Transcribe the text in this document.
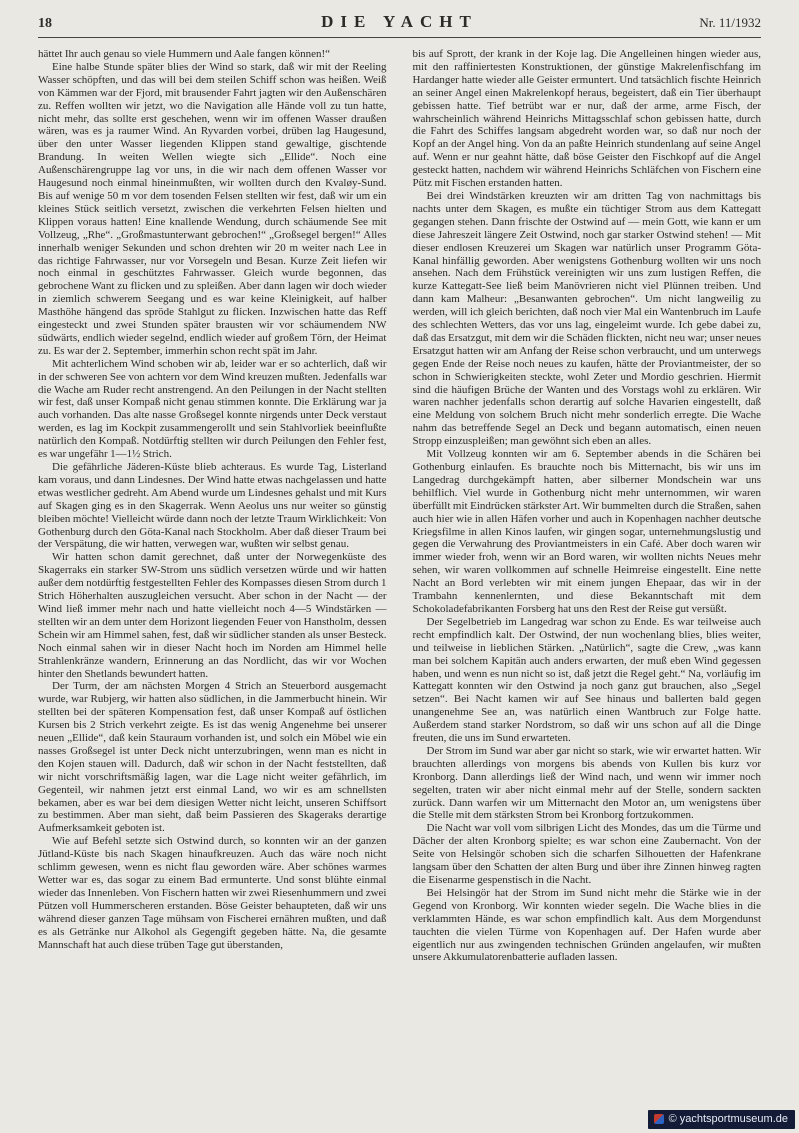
18	DIE YACHT	Nr. 11/1932

hättet Ihr auch genau so viele Hummern und Aale fangen können!“

Eine halbe Stunde später blies der Wind so stark, daß wir mit der Reeling Wasser schöpften, und das will bei dem steilen Schiff schon was heißen. Weiß von Kämmen war der Fjord, mit brausender Fahrt jagten wir den Außenschären zu. Reffen wollten wir jetzt, wo die Navigation alle Hände voll zu tun hatte, nicht mehr, das sollte erst geschehen, wenn wir im offenen Wasser draußen wären, was es ja raumer Wind. An Ryvarden vorbei, drüben lag Haugesund, über den unter Wasser liegenden Klippen stand gewaltige, gischtende Brandung. In weiten Wellen wiegte sich „Ellide“. Noch eine Außenschärengruppe lag vor uns, in die wir nach dem offenen Wasser vor Haugesund noch einmal hineinmußten, wir wollten durch den Kvaløy-Sund. Bis auf wenige 50 m vor dem tosenden Felsen stellten wir fest, daß wir um ein kleines Stück seitlich versetzt, zwischen die verkehrten Felsen hielten und Klippen voraus hatten! Eine knallende Wendung, durch schäumende See mit Vollzeug, „Rhe“. „Großmastunterwant gebrochen!“ „Großsegel bergen!“ Alles innerhalb weniger Sekunden und schon drehten wir 20 m weiter nach Lee in das richtige Fahrwasser, nur vor Vorsegeln und Besan. Kurze Zeit liefen wir noch einmal in geschütztes Fahrwasser. Gleich wurde begonnen, das gebrochene Want zu flicken und zu spleißen. Aber dann lagen wir doch wieder in ziemlich schwerem Seegang und es war keine Kleinigkeit, auf halber Masthöhe hängend das spröde Stahlgut zu flicken. Inzwischen hatte das Reff eingesteckt und zwei Stunden später brausten wir vor schäumendem NW südwärts, endlich wieder segelnd, endlich wieder auf großem Törn, der Heimat zu. Es war der 2. September, immerhin schon recht spät im Jahr.

Mit achterlichem Wind schoben wir ab, leider war er so achterlich, daß wir in der schweren See von achtern vor dem Wind kreuzen mußten. Jedenfalls war die Wache am Ruder recht anstrengend. An den Peilungen in der Nacht stellten wir fest, daß unser Kompaß nicht genau stimmen konnte. Die Erklärung war ja auch vorhanden. Das alte nasse Großsegel konnte nirgends unter Deck verstaut werden, es lag im Kockpit zusammengerollt und sein Stahlvorliek beeinflußte natürlich den Kompaß. Notdürftig stellten wir durch Peilungen den Fehler fest, es war ungefähr 1—1½ Strich.

Die gefährliche Jäderen-Küste blieb achteraus. Es wurde Tag, Listerland kam voraus, und dann Lindesnes. Der Wind hatte etwas nachgelassen und hatte etwas westlicher gedreht. Am Abend wurde um Lindesnes gehalst und mit Kurs auf Skagen ging es in den Skagerrak. Wenn Aeolus uns nur weiter so günstig bleiben möchte! Vielleicht würde dann noch der letzte Traum Wirklichkeit: Von Gothenburg durch den Göta-Kanal nach Stockholm. Aber daß dieser Traum bei der Verspätung, die wir hatten, verwegen war, wußten wir selbst genau.

Wir hatten schon damit gerechnet, daß unter der Norwegenküste des Skagerraks ein starker SW-Strom uns südlich versetzen würde und wir hatten außer dem notdürftig festgestellten Fehler des Kompasses diesen Strom durch 1 Strich Höherhalten auszugleichen versucht. Aber schon in der Nacht — der Wind ließ immer mehr nach und hatte vielleicht noch 4—5 Windstärken — stellten wir an dem unter dem Horizont liegenden Feuer von Hanstholm, dessen Schein wir am Himmel sahen, fest, daß wir südlicher standen als unser Besteck. Noch einmal sahen wir in dieser Nacht hoch im Norden am Himmel helle Strahlenkränze wandern, Erinnerung an das Nordlicht, das wir vor Wochen hinter den Shetlands bewundert hatten.

Der Turm, der am nächsten Morgen 4 Strich an Steuerbord ausgemacht wurde, war Rubjerg, wir hatten also südlichen, in die Jammerbucht hinein. Wir stellten bei der späteren Kompensation fest, daß unser Kompaß auf östlichen Kursen bis 2 Strich verkehrt zeigte. Es ist das wenig Angenehme bei unserer neuen „Ellide“, daß kein Stauraum vorhanden ist, und solch ein Möbel wie ein nasses Großsegel ist unter Deck nicht unterzubringen, wenn man es nicht in den Kojen stauen will. Dadurch, daß wir schon in der Nacht feststellten, daß wir nicht vorschriftsmäßig lagen, war die Lage nicht weiter gefährlich, im Gegenteil, wir nahmen jetzt erst einmal Land, wo wir es am schnellsten bekamen, aber es war bei dem diesigen Wetter nicht leicht, unseren Schiffsort zu bestimmen. Aber man sieht, daß beim Passieren des Skageraks derartige Aufmerksamkeit geboten ist.

Wie auf Befehl setzte sich Ostwind durch, so konnten wir an der ganzen Jütland-Küste bis nach Skagen hinaufkreuzen. Auch das wäre noch nicht schlimm gewesen, wenn es nicht flau geworden wäre. Aber schönes warmes Wetter war es, das sogar zu einem Bad ermunterte. Und sonst blühte einmal wieder das Innenleben. Von Fischern hatten wir zwei Riesenhummern und zwei Pützen voll Hummerscheren erstanden. Böse Geister behaupteten, daß wir uns während dieser ganzen Tage mühsam von Fischerei ernähren mußten, und daß es als Getränke nur Alkohol als Gegengift gegeben hätte. Na, die gesamte Mannschaft hat auch diese trüben Tage gut überstanden,

bis auf Sprott, der krank in der Koje lag. Die Angelleinen hingen wieder aus, mit den raffiniertesten Konstruktionen, der günstige Makrelenfischfang im Hardanger hatte wieder alle Geister ermuntert. Und tatsächlich fischte Heinrich an seiner Angel einen Makrelenkopf heraus, begeistert, daß ein Tier überhaupt gebissen hatte. Tief betrübt war er nur, daß der arme, arme Fisch, der wahrscheinlich während Heinrichs Mittagsschlaf schon gebissen hatte, durch die Fahrt des Schiffes langsam abgedreht worden war, so daß nur noch der Kopf an der Angel hing. Von da an paßte Heinrich stundenlang auf seine Angel auf. Wenn er nur geahnt hätte, daß böse Geister den Fischkopf auf die Angel gesteckt hatten, nachdem wir während Heinrichs Schläfchen von Fischern eine Pütz mit Fischen erstanden hatten.

Bei drei Windstärken kreuzten wir am dritten Tag von nachmittags bis nachts unter dem Skagen, es mußte ein tüchtiger Strom aus dem Kattegatt gegangen stehen. Dann frischte der Ostwind auf — mein Gott, wie kann er um diese Jahreszeit längere Zeit Ostwind, noch gar starker Ostwind stehen! — Mit dieser endlosen Kreuzerei um Skagen war natürlich unser Programm Göta-Kanal hinfällig geworden. Aber wenigstens Gothenburg wollten wir uns noch ansehen. Nach dem Frühstück vereinigten wir uns zum lustigen Reffen, die kurze Kattegatt-See ließ beim Manövrieren nicht viel Plünnen treiben. Und dann kam Malheur: „Besanwanten gebrochen“. Um nicht langweilig zu werden, will ich gleich berichten, daß noch vier Mal ein Wantenbruch im Laufe des schlechten Wetters, das vor uns lag, eingeleimt wurde. Ich gebe dabei zu, daß das Ersatzgut, mit dem wir die Schäden flickten, nicht neu war; unser neues Ersatzgut hatten wir am Anfang der Reise schon verbraucht, und um unterwegs gegen Ende der Reise noch neues zu kaufen, hätte der Proviantmeister, der so schon in Schwierigkeiten steckte, wohl Zeter und Mordio geschrien. Hiermit sind die häufigen Brüche der Wanten und des Vorstags wohl zu erklären. Wir waren nachher jedenfalls schon derartig auf solche Havarien eingestellt, daß eine Meldung von solchem Bruch nicht mehr sonderlich erregte. Die Wache nahm das betreffende Segel an Deck und begann automatisch, einen neuen Stropp einzuspleißen; man gewöhnt sich eben an alles.

Mit Vollzeug konnten wir am 6. September abends in die Schären bei Gothenburg einlaufen. Es brauchte noch bis Mitternacht, bis wir uns im Langedrag durchgekämpft hatten, aber silberner Mondschein war uns behilflich. Viel wurde in Gothenburg nicht mehr unternommen, wir waren überfüllt mit Eindrücken stärkster Art. Wir bummelten durch die Straßen, sahen auch hier wie in allen Häfen vorher und auch in Kopenhagen nachher deutsche Kriegsfilme in allen Kinos laufen, wir gingen sogar, unternehmungslustig und gegen die Verwahrung des Proviantmeisters in ein Café. Aber doch waren wir immer wieder froh, wenn wir an Bord waren, wir wollten nichts Neues mehr sehen, wir waren vollkommen auf schnelle Heimreise eingestellt. Eine nette Nacht an Bord verlebten wir mit einem jungen Ehepaar, das wir in der Trambahn kennenlernten, und diese Bekanntschaft mit dem Schokoladefabrikanten Forsberg hat uns den Rest der Reise gut versüßt.

Der Segelbetrieb im Langedrag war schon zu Ende. Es war teilweise auch recht empfindlich kalt. Der Ostwind, der nun wochenlang blies, blies weiter, und teilweise in lieblichen Stärken. „Natürlich“, sagte die Crew, „was kann man bei solchem Kapitän auch anders erwarten, der muß eben Wind gegessen haben, und wenn es nun nicht so ist, daß jetzt die Regel geht.“ Na, vorläufig im Kattegatt konnten wir den Ostwind ja noch ganz gut brauchen, also „Segel setzen“. Bei Nacht kamen wir auf See hinaus und ballerten bald gegen unangenehme See an, was natürlich einen Wantbruch zur Folge hatte. Außerdem stand starker Nordstrom, so daß wir uns schon auf all die Dinge freuten, die uns im Sund erwarteten.

Der Strom im Sund war aber gar nicht so stark, wie wir erwartet hatten. Wir brauchten allerdings von morgens bis abends von Kullen bis kurz vor Kronborg. Dann allerdings ließ der Wind nach, und wenn wir immer noch segelten, traten wir aber nicht einmal mehr auf der Stelle, sondern sackten zurück. Dann warfen wir um Mitternacht den Motor an, um wenigstens über die Stelle mit dem stärksten Strom bei Kronborg fortzukommen.

Die Nacht war voll vom silbrigen Licht des Mondes, das um die Türme und Dächer der alten Kronborg spielte; es war schon eine Zaubernacht. Von der Seite von Helsingör schoben sich die scharfen Silhouetten der Hafenkrane langsam über den Schatten der alten Burg und über ihre Zinnen hinweg ragten die Eisenarme gespenstisch in die Nacht.

Bei Helsingör hat der Strom im Sund nicht mehr die Stärke wie in der Gegend von Kronborg. Wir konnten wieder segeln. Die Wache blies in die verklammten Hände, es war schon empfindlich kalt. Aus dem Morgendunst tauchten die vielen Türme von Kopenhagen auf. Der Hafen wurde aber eigentlich nur aus zwingenden technischen Gründen angelaufen, wir mußten unsere Akkumulatorenbatterie aufladen lassen.

© yachtsportmuseum.de
